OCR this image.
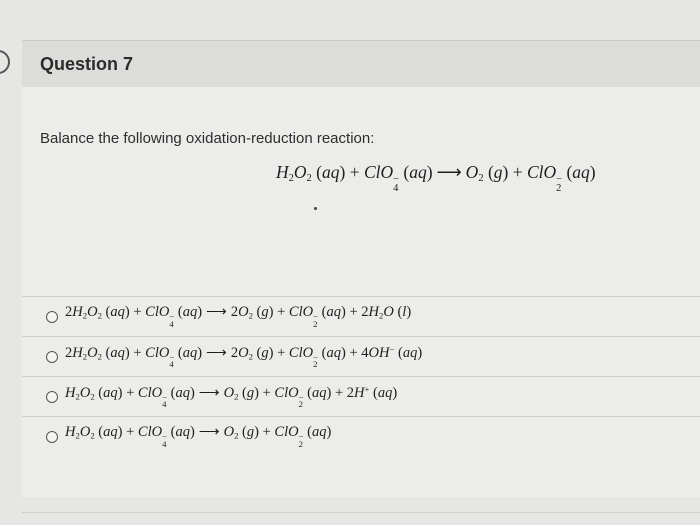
Question 7
Balance the following oxidation-reduction reaction:
H2O2 (aq) + ClO −
4
(aq) ⟶ O2 (g) + ClO −
2
(aq)
2H2O2 (aq) + ClO −
4
(aq) ⟶ 2O2 (g) + ClO −
2
(aq) + 2H2O (l)
2H2O2 (aq) + ClO −
4
(aq) ⟶ 2O2 (g) + ClO −
2
(aq) + 4OH− (aq)
H2O2 (aq) + ClO −
4
(aq) ⟶ O2 (g) + ClO −
2
(aq) + 2H+ (aq)
H2O2 (aq) + ClO −
4
(aq) ⟶ O2 (g) + ClO −
2
(aq)
